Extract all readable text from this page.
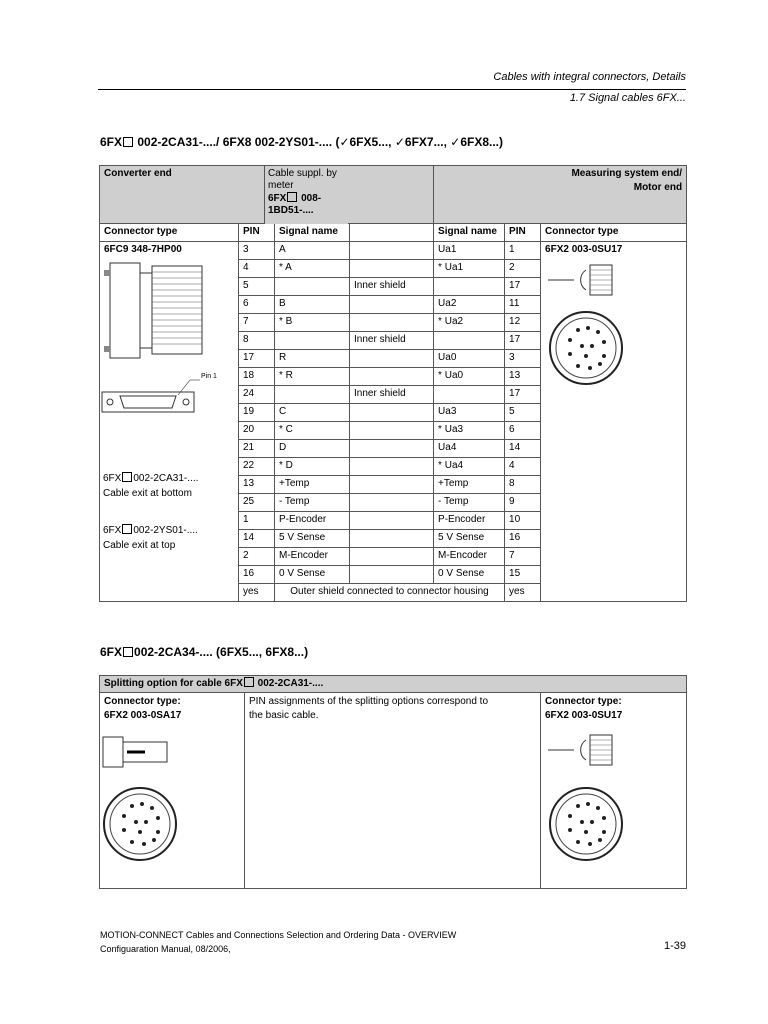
Cables with integral connectors, Details
1.7 Signal cables 6FX...
6FX 002-2CA31-..../ 6FX8 002-2YS01-.... (✓6FX5..., ✓6FX7..., ✓6FX8...)
Converter end				Measuring system end/
Motor end		

Connector type	PIN	Signal name		Signal name	PIN	Connector type
6FC9 348-7HP00	3	A		Ua1	1	6FX2 003-0SU17
	4	* A		* Ua1	2	
	5		Inner shield		17	
	6	B		Ua2	11	
	7	* B		* Ua2	12	
	8		Inner shield		17	
	17	R		Ua0	3	
	18	* R		* Ua0	13	
	24		Inner shield		17	
	19	C		Ua3	5	
	20	* C		* Ua3	6	
	21	D		Ua4	14	
	22	* D		* Ua4	4	
	13	+Temp		+Temp	8	
	25	- Temp		- Temp	9	
	1	P-Encoder		P-Encoder	10	
	14	5 V Sense		5 V Sense	16	
	2	M-Encoder		M-Encoder	7	
	16	0 V Sense		0 V Sense	15	
	yes	Outer shield connected to connector housing			yes	
Cable suppl. by meter
6FX 008-1BD51-....
Pin 1
6FX 002-2CA31-....
Cable exit at bottom
6FX 002-2YS01-....
Cable exit at top
6FX 002-2CA34-.... (6FX5..., 6FX8...)
Splitting option for cable 6FX 002-2CA31-....

Connector type:
6FX2 003-0SA17

PIN assignments of the splitting options correspond to the basic cable.

Connector type:
6FX2 003-0SU17
MOTION-CONNECT Cables and Connections Selection and Ordering Data - OVERVIEW
Configuaration Manual, 08/2006,	1-39
